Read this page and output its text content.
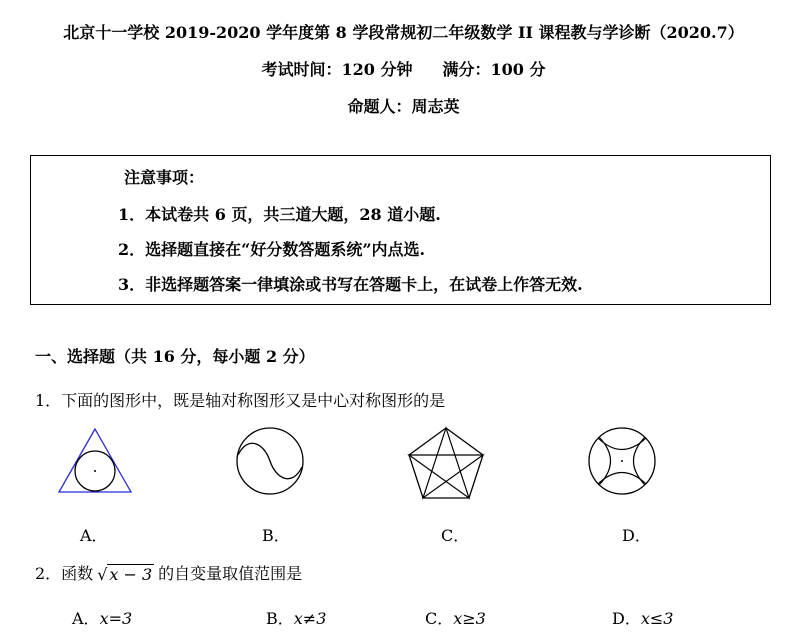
北京十一学校 2019-2020 学年度第 8 学段常规初二年级数学 II 课程教与学诊断（2020.7）
考试时间：120 分钟 满分：100 分
命题人：周志英
注意事项：
1．本试卷共 6 页，共三道大题，28 道小题.
2．选择题直接在“好分数答题系统”内点选.
3．非选择题答案一律填涂或书写在答题卡上，在试卷上作答无效.
一、选择题（共 16 分，每小题 2 分）
1．下面的图形中，既是轴对称图形又是中心对称图形的是
A．	B．	C．	D．
2．函数 √ x − 3 的自变量取值范围是
A．x=3	B．x≠3	C．x≥3	D．x≤3
